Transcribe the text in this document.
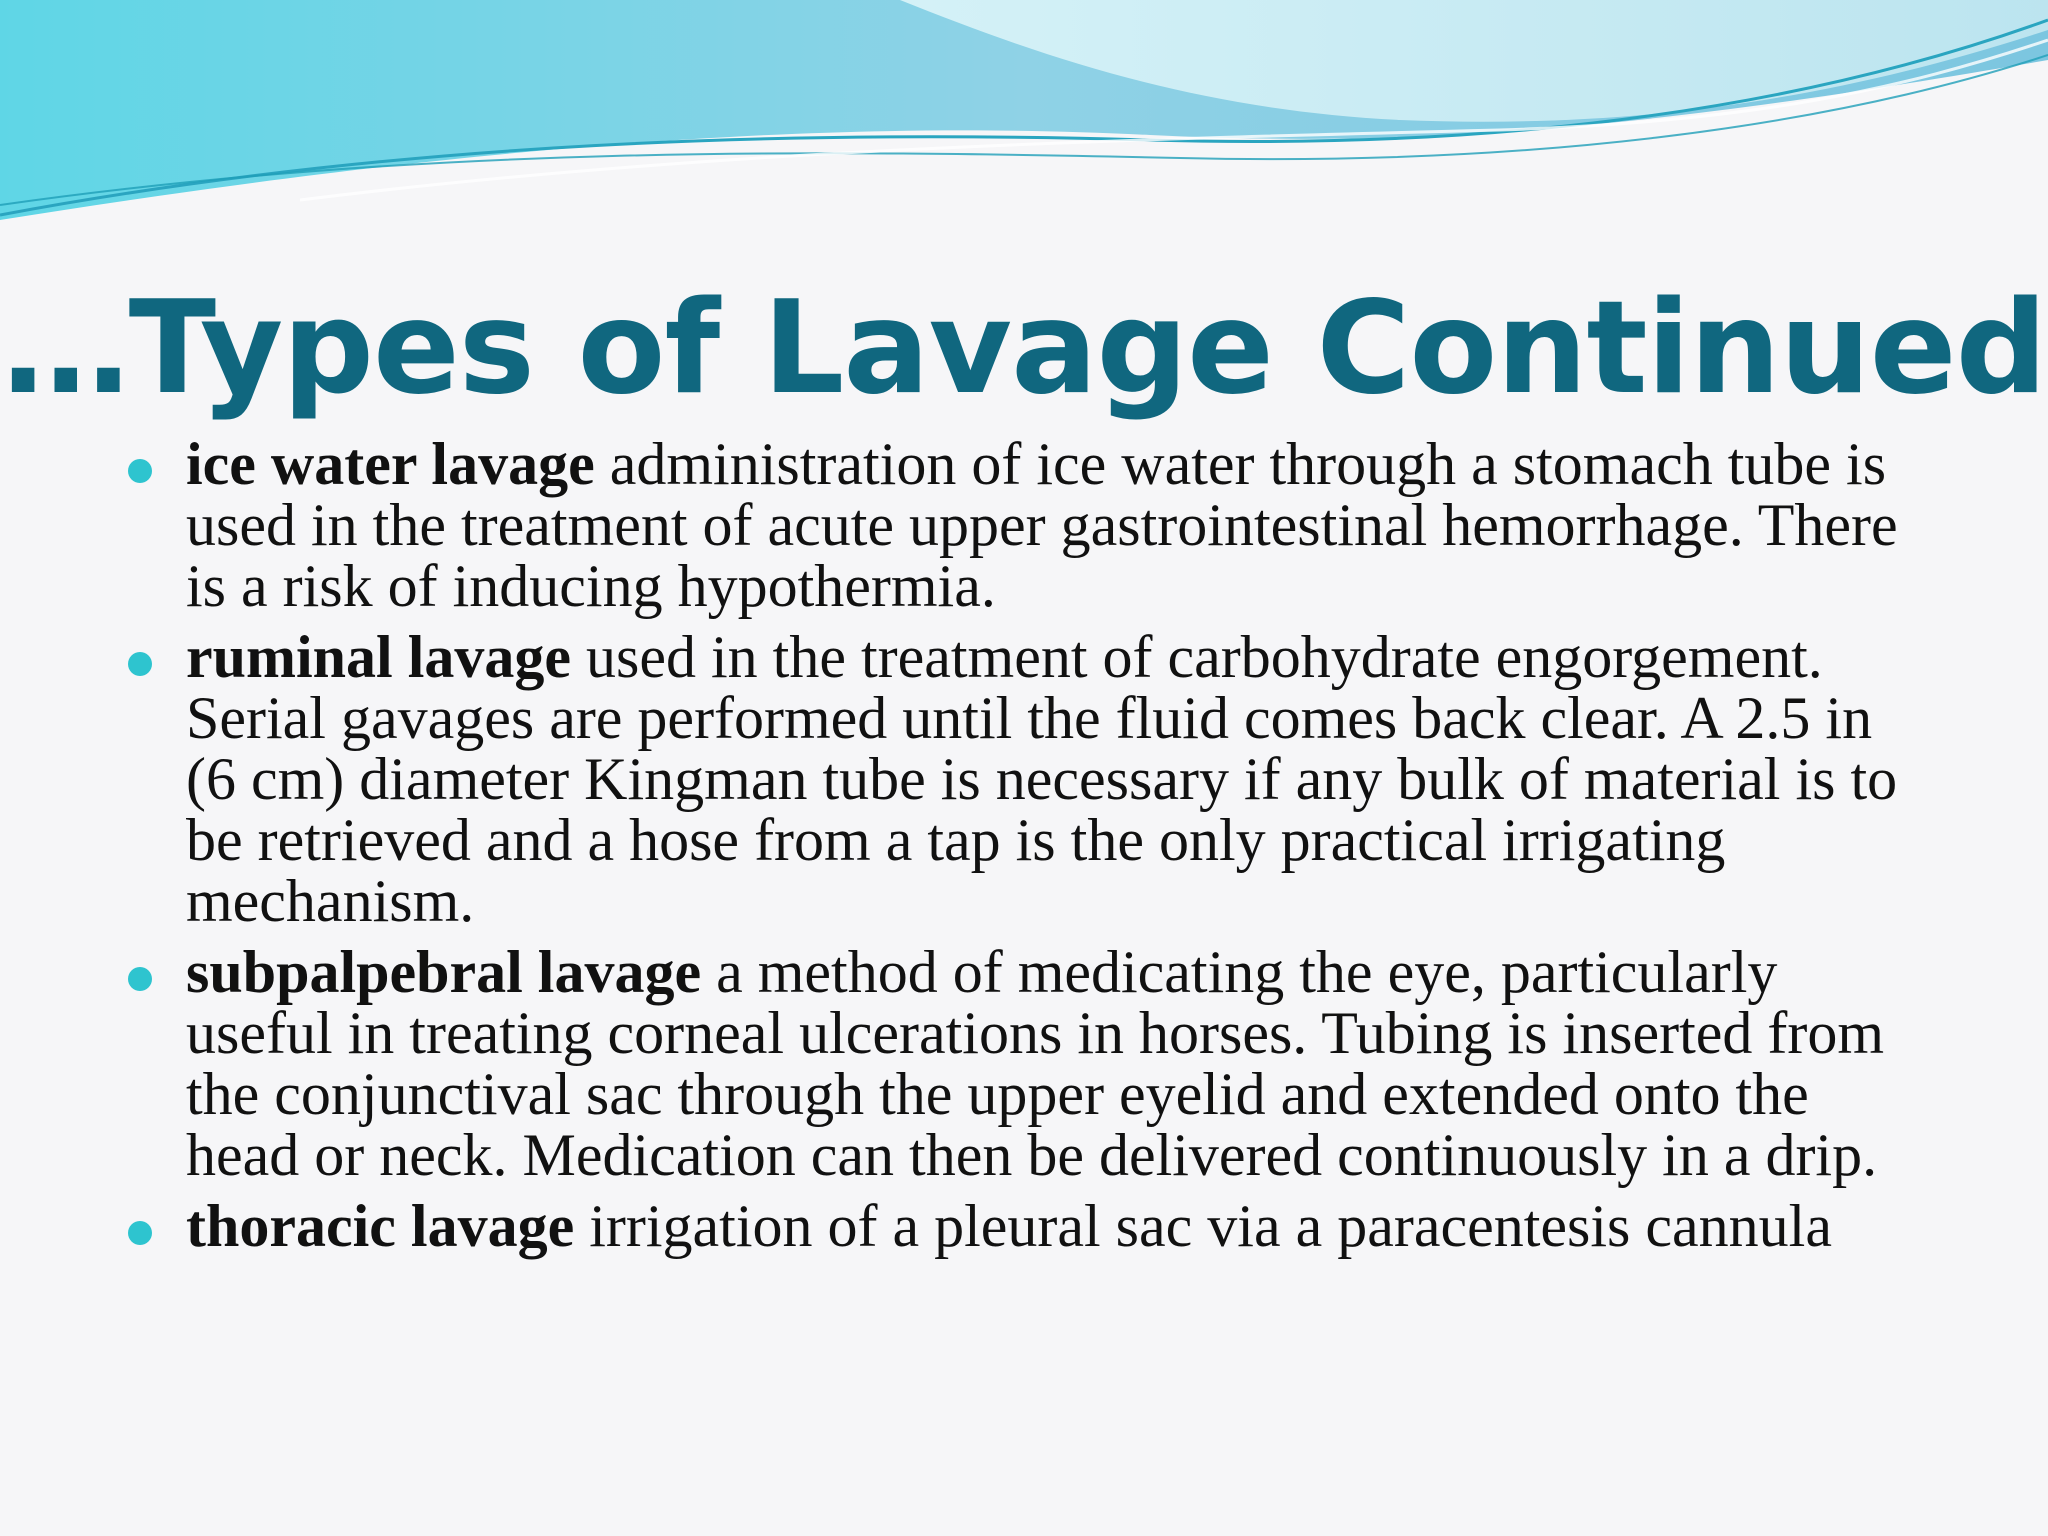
…Types of Lavage Continued
ice water lavage administration of ice water through a stomach tube is used in the treatment of acute upper gastrointestinal hemorrhage. There is a risk of inducing hypothermia.
ruminal lavage used in the treatment of carbohydrate engorgement. Serial gavages are performed until the fluid comes back clear. A 2.5 in (6 cm) diameter Kingman tube is necessary if any bulk of material is to be retrieved and a hose from a tap is the only practical irrigating mechanism.
subpalpebral lavage a method of medicating the eye, particularly useful in treating corneal ulcerations in horses. Tubing is inserted from the conjunctival sac through the upper eyelid and extended onto the head or neck. Medication can then be delivered continuously in a drip.
thoracic lavage irrigation of a pleural sac via a paracentesis cannula
